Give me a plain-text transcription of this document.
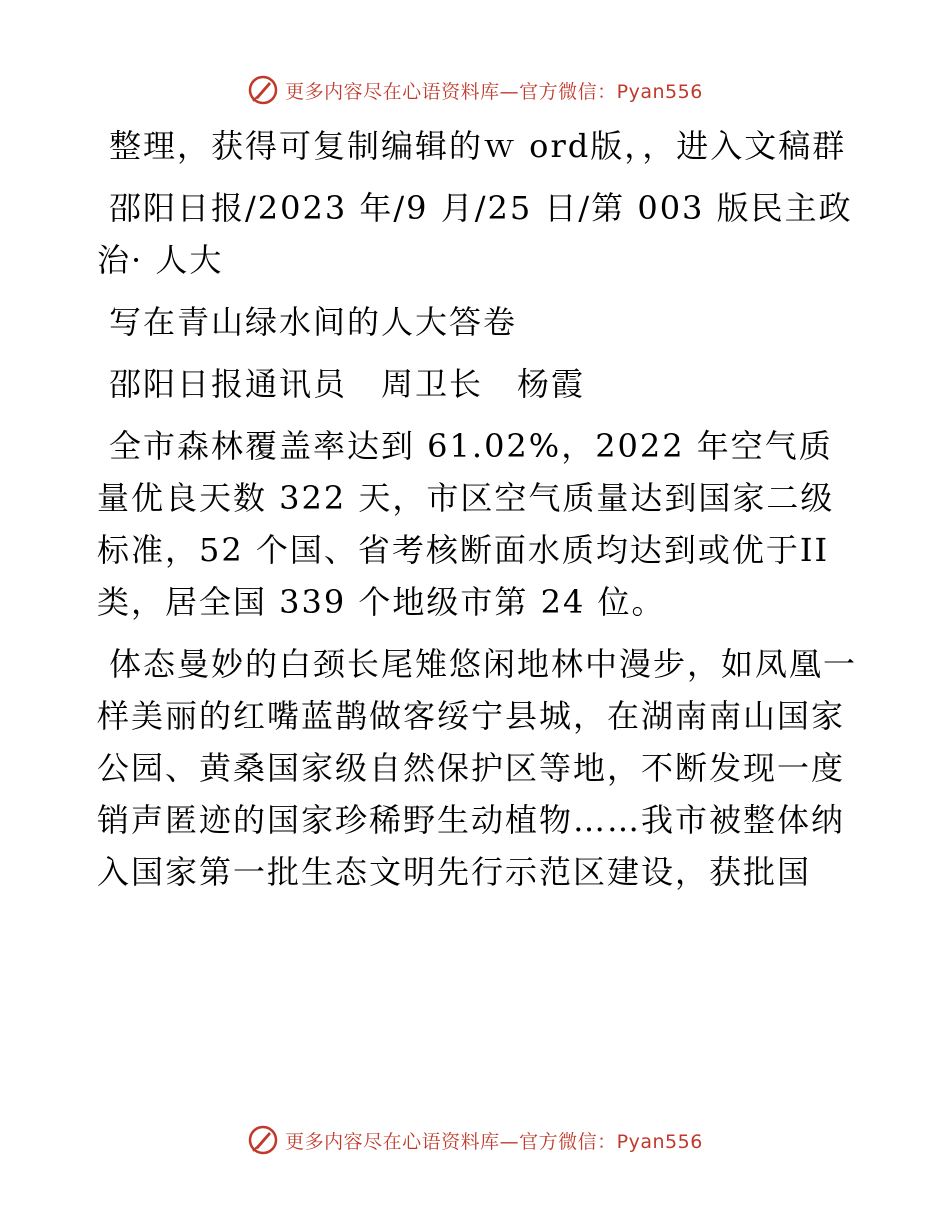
更多内容尽在心语资料库—官方微信：Pyan556

整理，获得可复制编辑的ｗ ord版，，进入文稿群

邵阳日报/2023 年/9 月/25 日/第 003 版民主政治· 人大

写在青山绿水间的人大答卷

邵阳日报通讯员　周卫长　杨霞

全市森林覆盖率达到 61.02%，2022 年空气质量优良天数 322 天，市区空气质量达到国家二级标准，52 个国、省考核断面水质均达到或优于II类，居全国 339 个地级市第 24 位。

体态曼妙的白颈长尾雉悠闲地林中漫步，如凤凰一样美丽的红嘴蓝鹊做客绥宁县城，在湖南南山国家公园、黄桑国家级自然保护区等地，不断发现一度销声匿迹的国家珍稀野生动植物……我市被整体纳入国家第一批生态文明先行示范区建设，获批国

更多内容尽在心语资料库—官方微信：Pyan556
